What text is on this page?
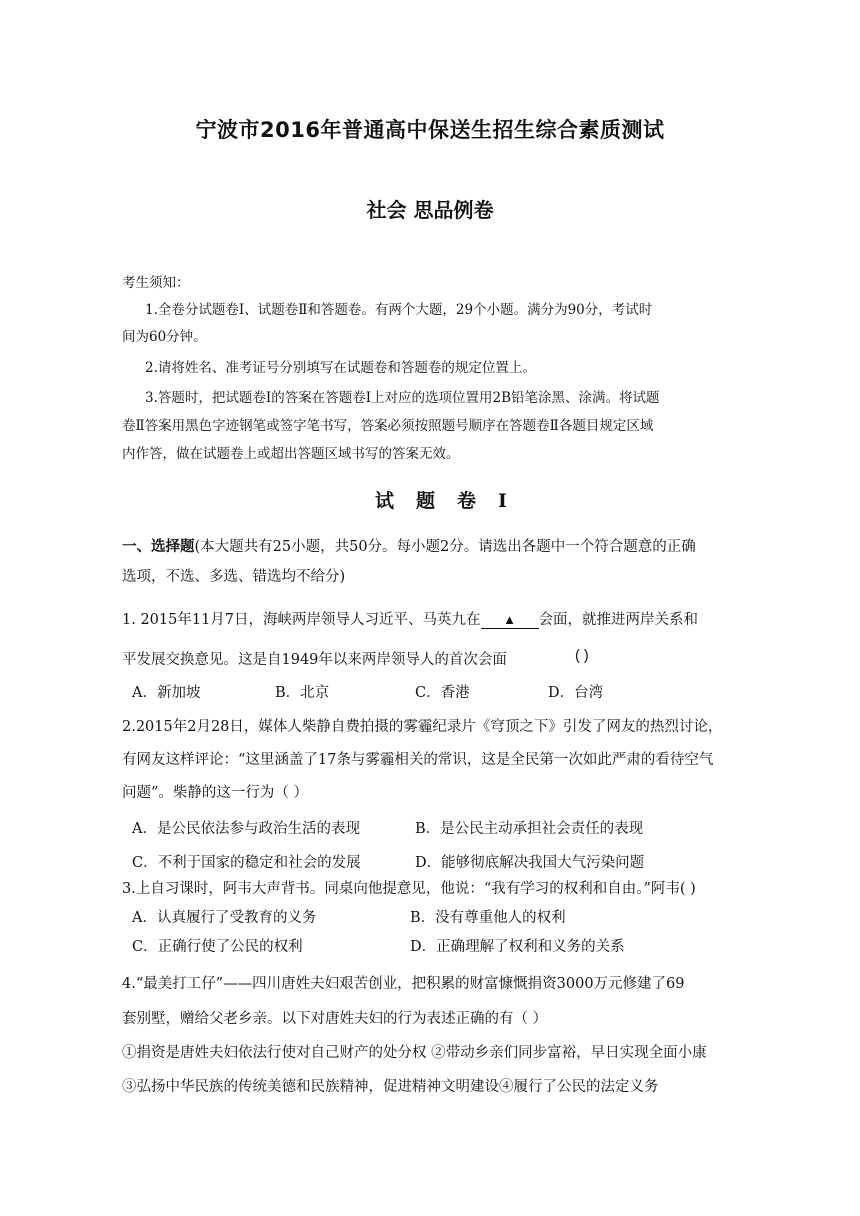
宁波市2016年普通高中保送生招生综合素质测试
社会 思品例卷
考生须知：
1.全卷分试题卷Ⅰ、试题卷Ⅱ和答题卷。有两个大题，29个小题。满分为90分，考试时
间为60分钟。
2.请将姓名、准考证号分别填写在试题卷和答题卷的规定位置上。
3.答题时，把试题卷Ⅰ的答案在答题卷Ⅰ上对应的选项位置用2B铅笔涂黑、涂满。将试题
卷Ⅱ答案用黑色字迹钢笔或签字笔书写，答案必须按照题号顺序在答题卷Ⅱ各题目规定区域
内作答，做在试题卷上或超出答题区域书写的答案无效。
试题卷Ⅰ
一、选择题(本大题共有25小题，共50分。每小题2分。请选出各题中一个符合题意的正确
选项，不选、多选、错选均不给分)
1. 2015年11月7日，海峡两岸领导人习近平、马英九在 ▲ 会面，就推进两岸关系和
平发展交换意见。这是自1949年以来两岸领导人的首次会面	( )
A．新加坡	B．北京	C．香港	D．台湾
2.2015年2月28日，媒体人柴静自费拍摄的雾霾纪录片《穹顶之下》引发了网友的热烈讨论，
有网友这样评论：“这里涵盖了17条与雾霾相关的常识，这是全民第一次如此严肃的看待空气
问题”。柴静的这一行为（ ）
A．是公民依法参与政治生活的表现	B．是公民主动承担社会责任的表现
C．不利于国家的稳定和社会的发展	D．能够彻底解决我国大气污染问题
3.上自习课时，阿韦大声背书。同桌向他提意见，他说：“我有学习的权利和自由。”阿韦( )
A．认真履行了受教育的义务	B．没有尊重他人的权利
C．正确行使了公民的权利	D．正确理解了权利和义务的关系
4.“最美打工仔”——四川唐姓夫妇艰苦创业，把积累的财富慷慨捐资3000万元修建了69
套别墅，赠给父老乡亲。以下对唐姓夫妇的行为表述正确的有（ ）
①捐资是唐姓夫妇依法行使对自己财产的处分权 ②带动乡亲们同步富裕，早日实现全面小康
③弘扬中华民族的传统美德和民族精神，促进精神文明建设④履行了公民的法定义务
